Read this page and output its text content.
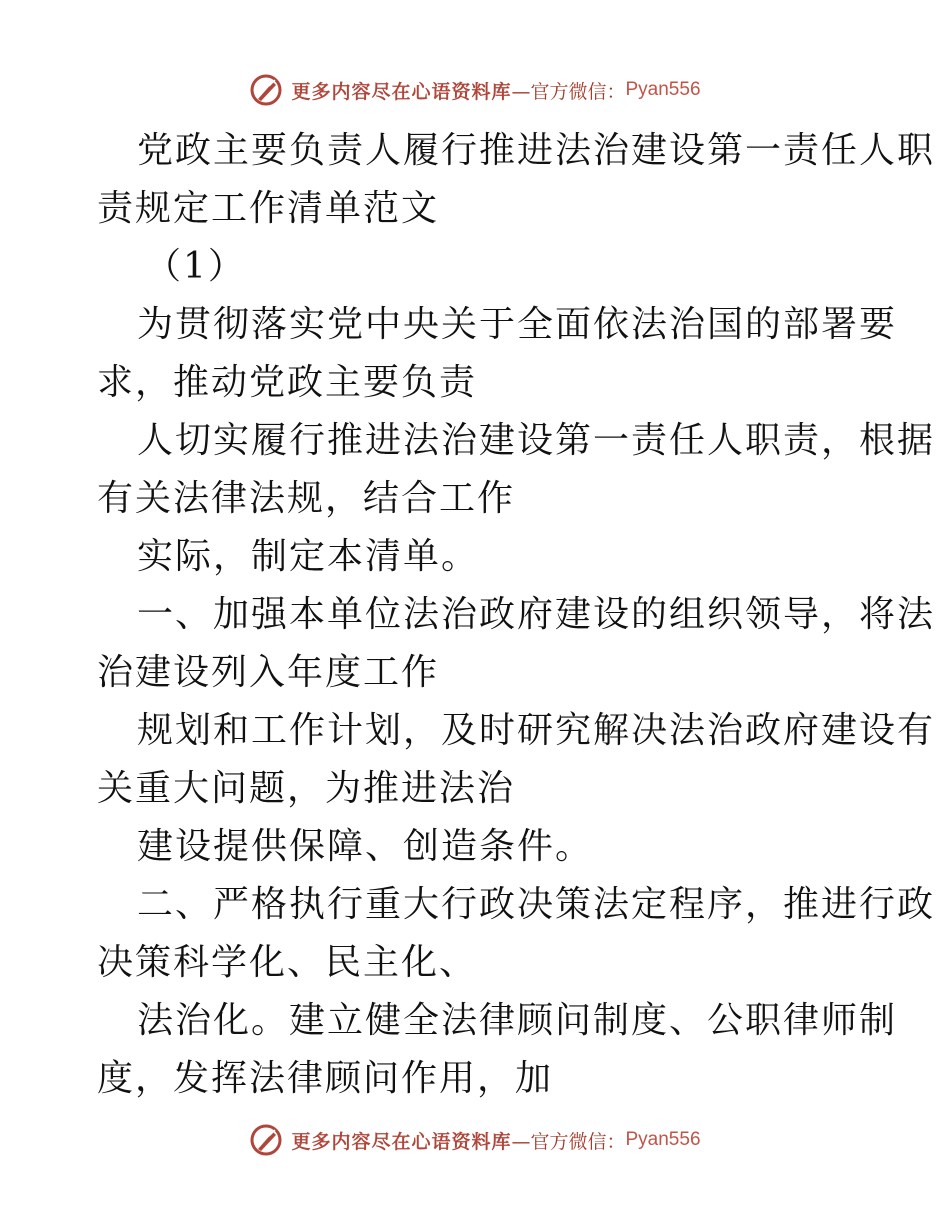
更多内容尽在心语资料库 —官方微信： Pyan556
党政主要负责人履行推进法治建设第一责任人职
责规定工作清单范文
（1）
为贯彻落实党中央关于全面依法治国的部署要
求，推动党政主要负责
人切实履行推进法治建设第一责任人职责，根据
有关法律法规，结合工作
实际，制定本清单。
一、加强本单位法治政府建设的组织领导，将法
治建设列入年度工作
规划和工作计划，及时研究解决法治政府建设有
关重大问题，为推进法治
建设提供保障、创造条件。
二、严格执行重大行政决策法定程序，推进行政
决策科学化、民主化、
法治化。建立健全法律顾问制度、公职律师制
度，发挥法律顾问作用，加
更多内容尽在心语资料库 —官方微信： Pyan556
